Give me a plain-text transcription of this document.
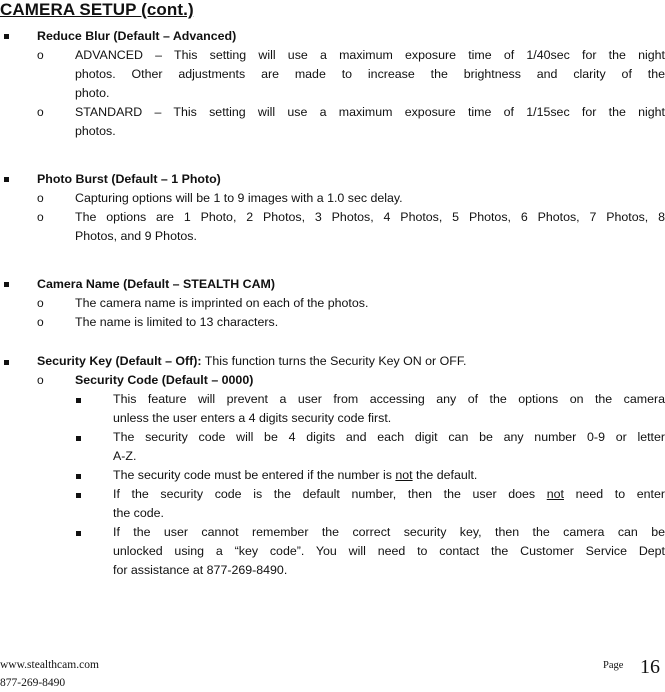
CAMERA SETUP (cont.)
Reduce Blur (Default – Advanced)
o	ADVANCED – This setting will use a maximum exposure time of 1/40sec for the night
photos. Other adjustments are made to increase the brightness and clarity of the
photo.
o	STANDARD – This setting will use a maximum exposure time of 1/15sec for the night
photos.
Photo Burst (Default – 1 Photo)
o	Capturing options will be 1 to 9 images with a 1.0 sec delay.
o	The options are 1 Photo, 2 Photos, 3 Photos, 4 Photos, 5 Photos, 6 Photos, 7 Photos, 8
Photos, and 9 Photos.
Camera Name (Default – STEALTH CAM)
o	The camera name is imprinted on each of the photos.
o	The name is limited to 13 characters.
Security Key (Default – Off): This function turns the Security Key ON or OFF.
o	Security Code (Default – 0000)
This feature will prevent a user from accessing any of the options on the camera
unless the user enters a 4 digits security code first.
The security code will be 4 digits and each digit can be any number 0-9 or letter
A-Z.
The security code must be entered if the number is not the default.
If the security code is the default number, then the user does not need to enter
the code.
If the user cannot remember the correct security key, then the camera can be
unlocked using a “key code”. You will need to contact the Customer Service Dept
for assistance at 877-269-8490.
www.stealthcam.com
877-269-8490
Page 16
